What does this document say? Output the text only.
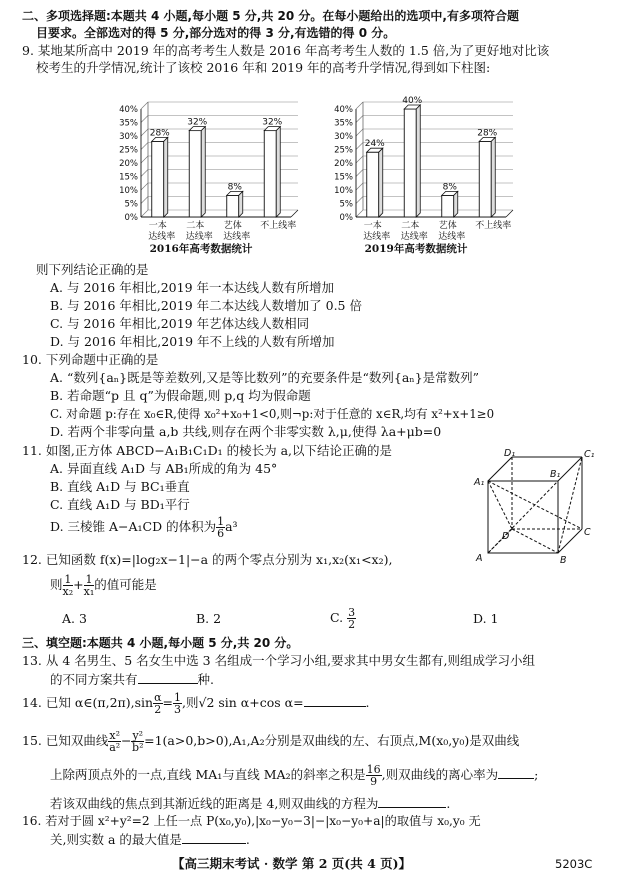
二、多项选择题:本题共 4 小题,每小题 5 分,共 20 分。在每小题给出的选项中,有多项符合题
目要求。全部选对的得 5 分,部分选对的得 3 分,有选错的得 0 分。
9. 某地某所高中 2019 年的高考考生人数是 2016 年高考考生人数的 1.5 倍,为了更好地对比该
校考生的升学情况,统计了该校 2016 年和 2019 年的高考升学情况,得到如下柱图:
0%
5%
10%
15%
20%
25%
30%
35%
40%
28%
一本
达线率
32%
二本
达线率
8%
艺体
达线率
32%
不上线率
2016年高考数据统计
0%
5%
10%
15%
20%
25%
30%
35%
40%
24%
一本
达线率
40%
二本
达线率
8%
艺体
达线率
28%
不上线率
2019年高考数据统计
则下列结论正确的是
A. 与 2016 年相比,2019 年一本达线人数有所增加
B. 与 2016 年相比,2019 年二本达线人数增加了 0.5 倍
C. 与 2016 年相比,2019 年艺体达线人数相同
D. 与 2016 年相比,2019 年不上线的人数有所增加
10. 下列命题中正确的是
A. “数列{aₙ}既是等差数列,又是等比数列”的充要条件是“数列{aₙ}是常数列”
B. 若命题“p 且 q”为假命题,则 p,q 均为假命题
C. 对命题 p:存在 x₀∈R,使得 x₀²+x₀+1<0,则¬p:对于任意的 x∈R,均有 x²+x+1≥0
D. 若两个非零向量 a,b 共线,则存在两个非零实数 λ,μ,使得 λa+μb=0
11. 如图,正方体 ABCD−A₁B₁C₁D₁ 的棱长为 a,以下结论正确的是
A. 异面直线 A₁D 与 AB₁所成的角为 45°
B. 直线 A₁D 与 BC₁垂直
C. 直线 A₁D 与 BD₁平行
D. 三棱锥 A−A₁CD 的体积为 $\frac{1}{6} a^3$
D₁	C₁
A₁
B₁
D	C
A	B
12. 已知函数 f(x)=|log₂x−1|−a 的两个零点分别为 x₁,x₂(x₁<x₂),
则 $\frac{1}{\text{x₂}} + \frac{1}{\text{x₁}}$ 的值可能是
A. 3	B. 2	C. $\frac{3}{2}$	D. 1
三、填空题:本题共 4 小题,每小题 5 分,共 20 分。
13. 从 4 名男生、5 名女生中选 3 名组成一个学习小组,要求其中男女生都有,则组成学习小组
的不同方案共有	种.
14. 已知 α∈(π,2π),sin $\frac{\alpha}{2} = \frac{1}{3}$ ,则√2 sin α+cos α=	.
15. 已知双曲线 $\frac{\text{x²}}{\text{a²}} - \frac{\text{y²}}{\text{b²}} =1(a>0,b>0),A_1,A_2$分别是双曲线的左、右顶点,M(x₀,y₀)是双曲线
上除两顶点外的一点,直线 MA₁与直线 MA₂的斜率之积是 $\frac{16}{9}$ ,则双曲线的离心率为	;
若该双曲线的焦点到其渐近线的距离是 4,则双曲线的方程为	.
16. 若对于圆 x²+y²=2 上任一点 P(x₀,y₀),|x₀−y₀−3|−|x₀−y₀+a|的取值与 x₀,y₀ 无
关,则实数 a 的最大值是	.
【高三期末考试 · 数学 第 2 页(共 4 页)】	5203C
